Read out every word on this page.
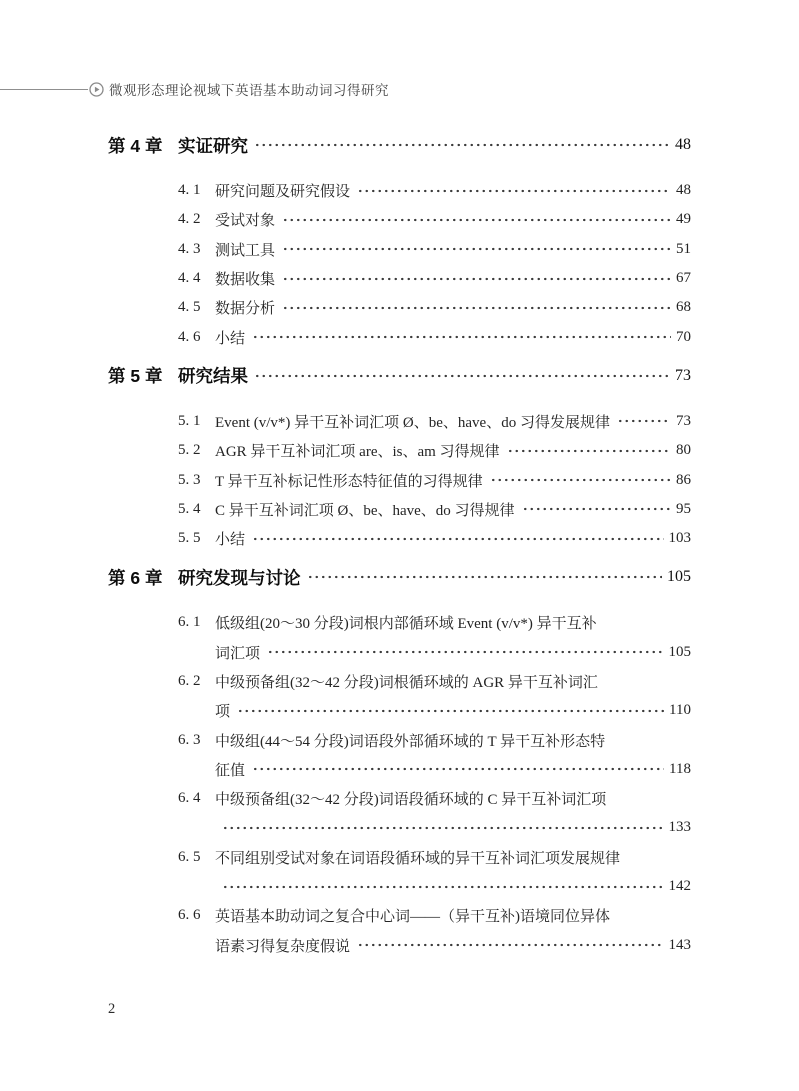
微观形态理论视域下英语基本助动词习得研究
第 4 章 实证研究	48
4. 1 研究问题及研究假设	48
4. 2 受试对象	49
4. 3 测试工具	51
4. 4 数据收集	67
4. 5 数据分析	68
4. 6 小结	70
第 5 章 研究结果	73
5. 1 Event (v/v*) 异干互补词汇项 Ø、be、have、do 习得发展规律	73
5. 2 AGR 异干互补词汇项 are、is、am 习得规律	80
5. 3 T 异干互补标记性形态特征值的习得规律	86
5. 4 C 异干互补词汇项 Ø、be、have、do 习得规律	95
5. 5 小结	103
第 6 章 研究发现与讨论	105
6. 1 低级组(20～30 分段)词根内部循环域 Event (v/v*) 异干互补
词汇项	105
6. 2 中级预备组(32～42 分段)词根循环域的 AGR 异干互补词汇
项	110
6. 3 中级组(44～54 分段)词语段外部循环域的 T 异干互补形态特
征值	118
6. 4 中级预备组(32～42 分段)词语段循环域的 C 异干互补词汇项
133
6. 5 不同组别受试对象在词语段循环域的异干互补词汇项发展规律
142
6. 6 英语基本助动词之复合中心词——（异干互补)语境同位异体
语素习得复杂度假说	143
2
